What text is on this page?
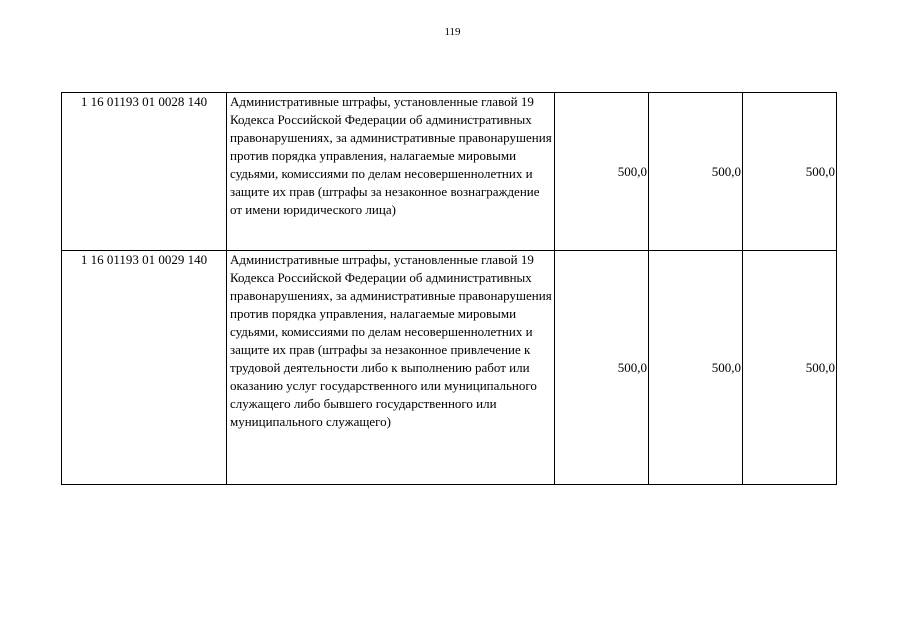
119
1 16 01193 01 0028 140	Административные штрафы, установленные главой 19 Кодекса Российской Федерации об административных правонарушениях, за административные правонарушения против порядка управления, налагаемые мировыми судьями, комиссиями по делам несовершеннолетних и защите их прав (штрафы за незаконное вознаграждение от имени юридического лица)	500,0	500,0	500,0
1 16 01193 01 0029 140	Административные штрафы, установленные главой 19 Кодекса Российской Федерации об административных правонарушениях, за административные правонарушения против порядка управления, налагаемые мировыми судьями, комиссиями по делам несовершеннолетних и защите их прав (штрафы за незаконное привлечение к трудовой деятельности либо к выполнению работ или оказанию услуг государственного или муниципального служащего либо бывшего государственного или муниципального служащего)	500,0	500,0	500,0
